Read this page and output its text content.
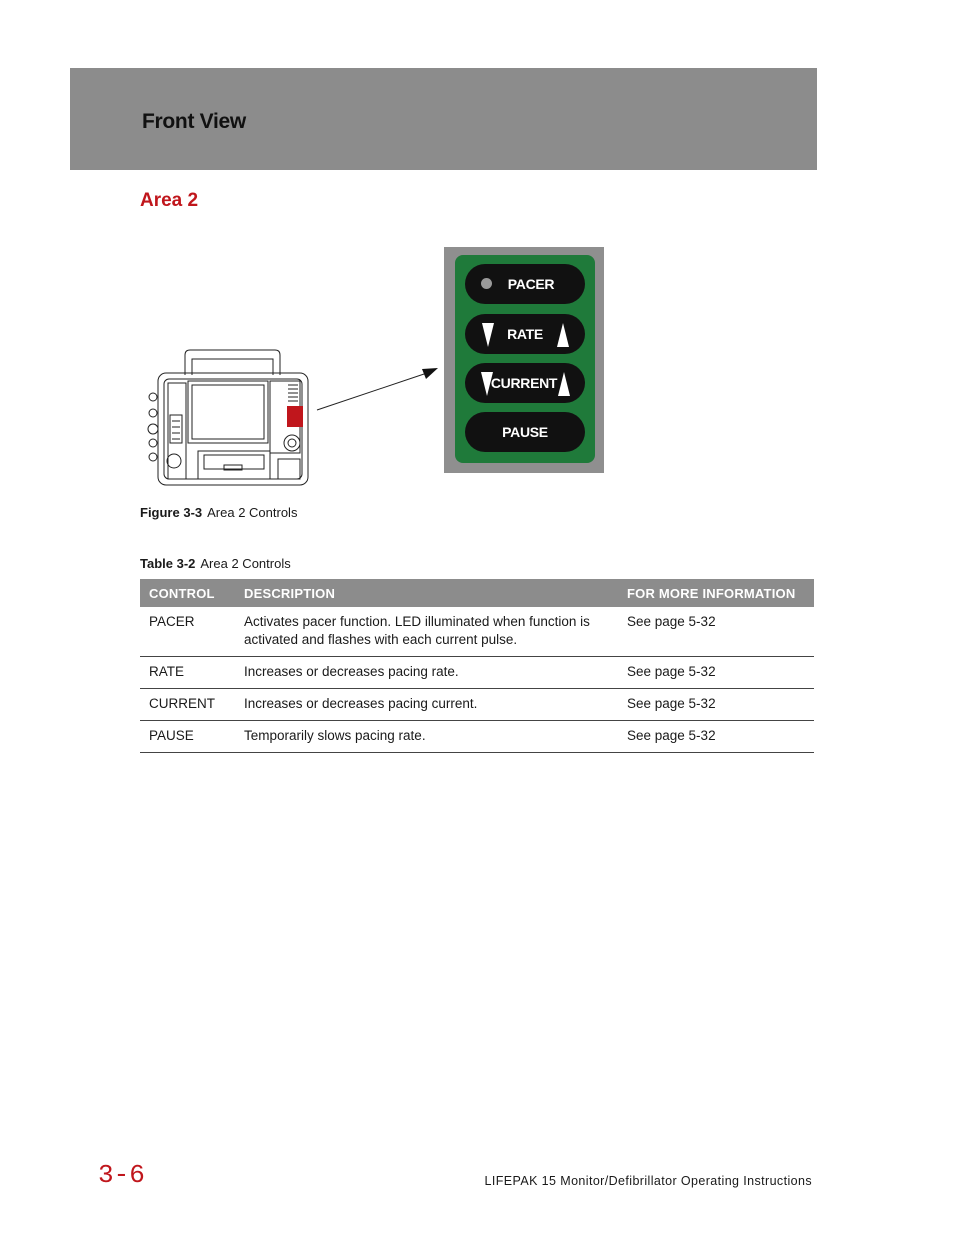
Front View
Area 2
PACER
RATE
CURRENT
PAUSE
Figure 3-3 Area 2 Controls
Table 3-2 Area 2 Controls
CONTROL	DESCRIPTION	FOR MORE INFORMATION
PACER	Activates pacer function. LED illuminated when function is activated and flashes with each current pulse.	See page 5-32
RATE	Increases or decreases pacing rate.	See page 5-32
CURRENT	Increases or decreases pacing current.	See page 5-32
PAUSE	Temporarily slows pacing rate.	See page 5-32
3-6	LIFEPAK 15 Monitor/Defibrillator Operating Instructions
